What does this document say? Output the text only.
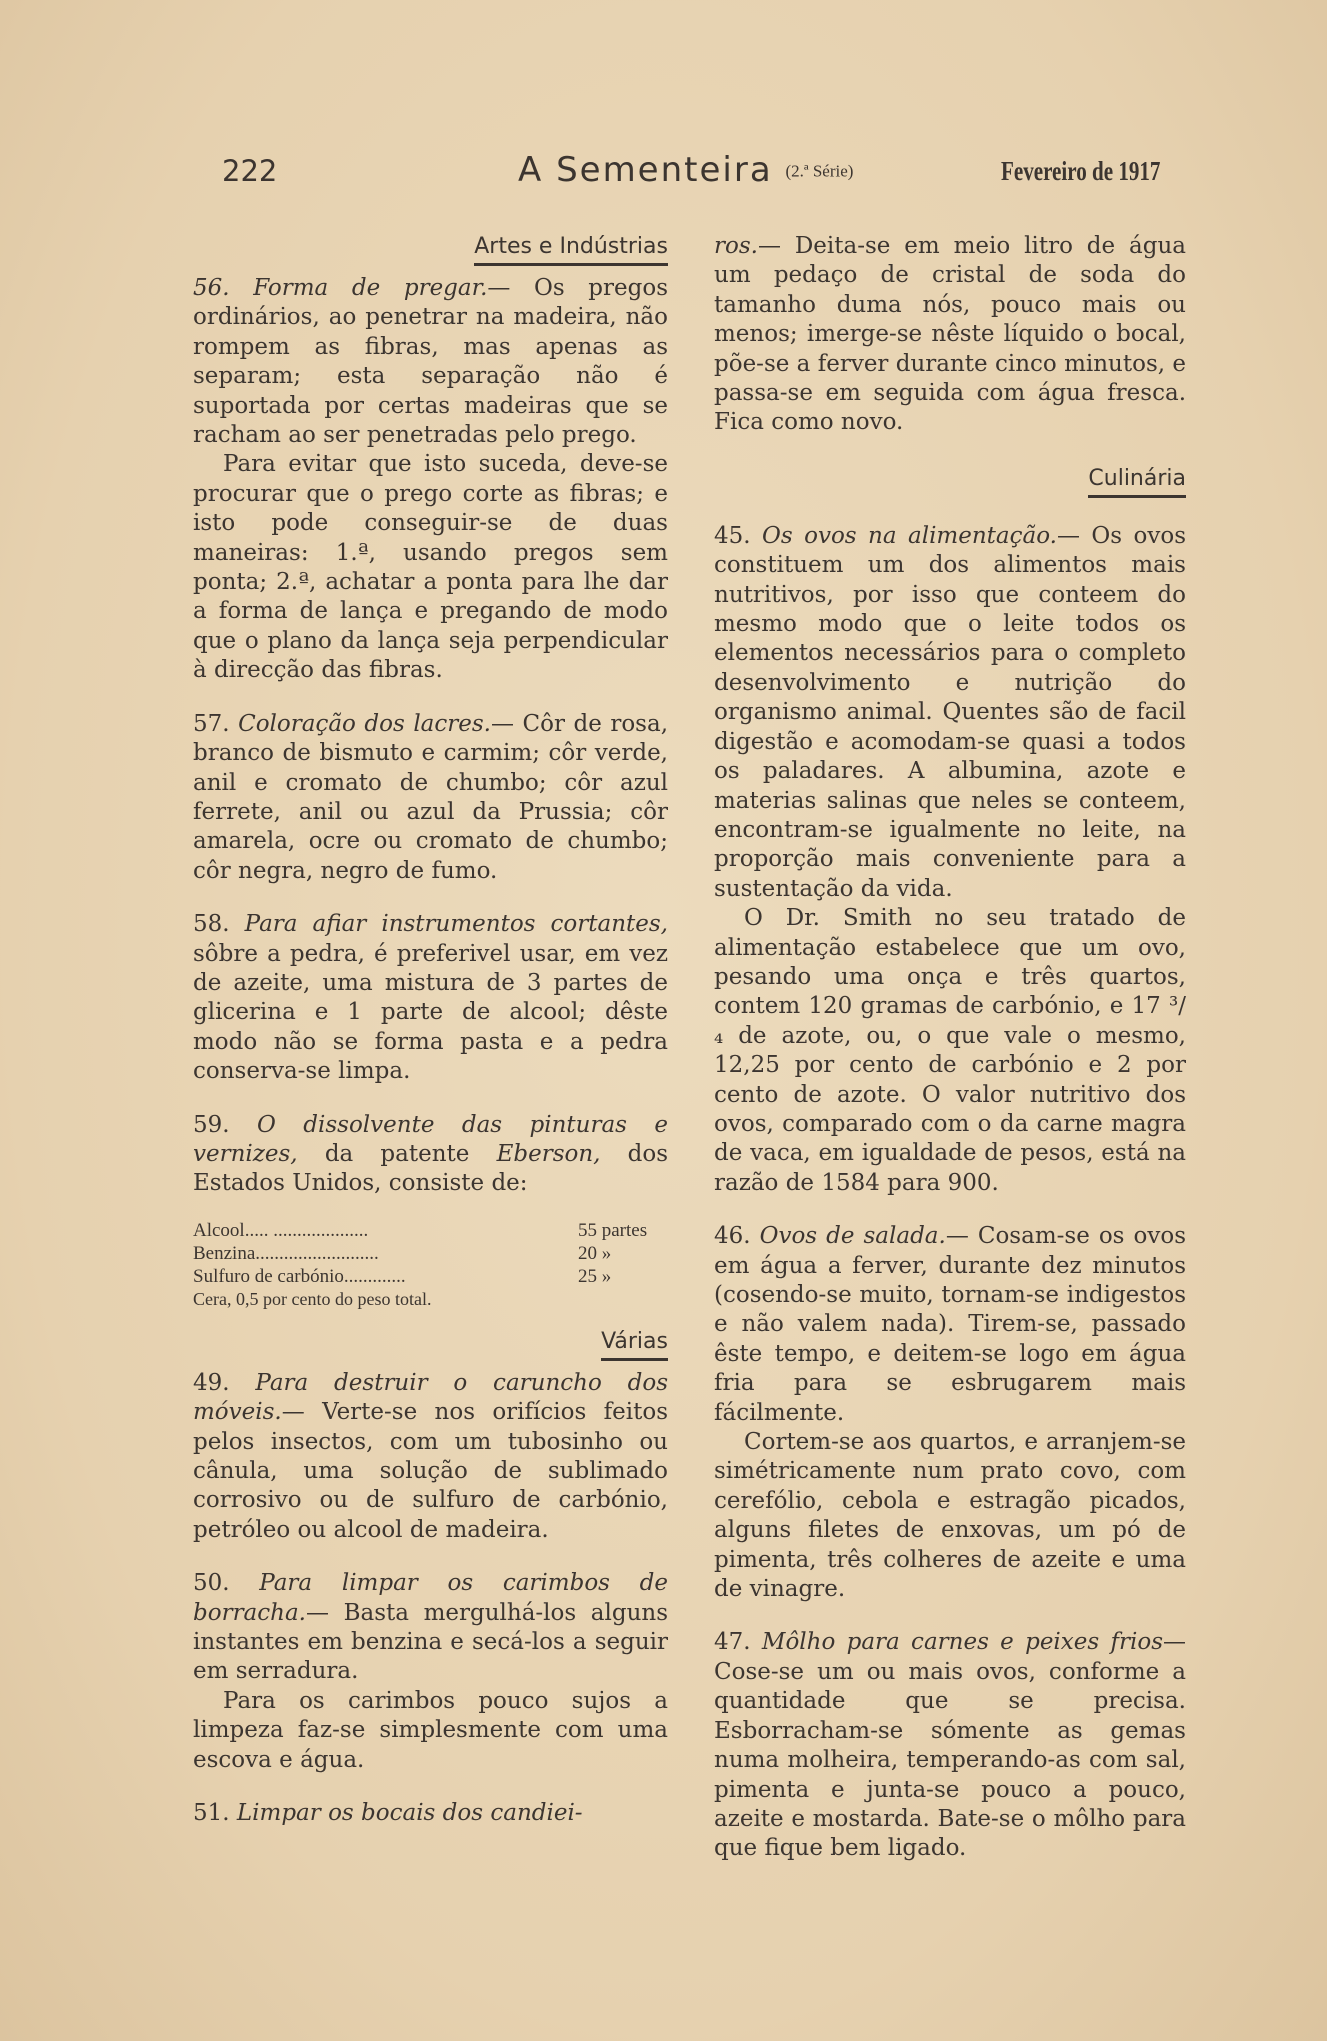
222	A Sementeira (2.ª Série)	Fevereiro de 1917
Artes e Indústrias

56. Forma de pregar.— Os pregos ordinários, ao penetrar na madeira, não rompem as fibras, mas apenas as separam; esta separação não é suportada por certas madeiras que se racham ao ser penetradas pelo prego.

Para evitar que isto suceda, deve-se procurar que o prego corte as fibras; e isto pode conseguir-se de duas maneiras: 1.ª, usando pregos sem ponta; 2.ª, achatar a ponta para lhe dar a forma de lança e pregando de modo que o plano da lança seja perpendicular à direcção das fibras.

57. Coloração dos lacres.— Côr de rosa, branco de bismuto e carmim; côr verde, anil e cromato de chumbo; côr azul ferrete, anil ou azul da Prussia; côr amarela, ocre ou cromato de chumbo; côr negra, negro de fumo.

58. Para afiar instrumentos cortantes, sôbre a pedra, é preferivel usar, em vez de azeite, uma mistura de 3 partes de glicerina e 1 parte de alcool; dêste modo não se forma pasta e a pedra conserva-se limpa.

59. O dissolvente das pinturas e vernizes, da patente Eberson, dos Estados Unidos, consiste de:

Alcool..... ....................	55 partes
Benzina..........................	20 »
Sulfuro de carbónio.............	25 »
Cera, 0,5 por cento do peso total.
Várias

49. Para destruir o caruncho dos móveis.— Verte-se nos orifícios feitos pelos insectos, com um tubosinho ou cânula, uma solução de sublimado corrosivo ou de sulfuro de carbónio, petróleo ou alcool de madeira.

50. Para limpar os carimbos de borracha.— Basta mergulhá-los alguns instantes em benzina e secá-los a seguir em serradura.

Para os carimbos pouco sujos a limpeza faz-se simplesmente com uma escova e água.

51. Limpar os bocais dos candiei-

ros.— Deita-se em meio litro de água um pedaço de cristal de soda do tamanho duma nós, pouco mais ou menos; imerge-se nêste líquido o bocal, põe-se a ferver durante cinco minutos, e passa-se em seguida com água fresca. Fica como novo.

Culinária

45. Os ovos na alimentação.— Os ovos constituem um dos alimentos mais nutritivos, por isso que conteem do mesmo modo que o leite todos os elementos necessários para o completo desenvolvimento e nutrição do organismo animal. Quentes são de facil digestão e acomodam-se quasi a todos os paladares. A albumina, azote e materias salinas que neles se conteem, encontram-se igualmente no leite, na proporção mais conveniente para a sustentação da vida.

O Dr. Smith no seu tratado de alimentação estabelece que um ovo, pesando uma onça e três quartos, contem 120 gramas de carbónio, e 17 ³/₄ de azote, ou, o que vale o mesmo, 12,25 por cento de carbónio e 2 por cento de azote. O valor nutritivo dos ovos, comparado com o da carne magra de vaca, em igualdade de pesos, está na razão de 1584 para 900.

46. Ovos de salada.— Cosam-se os ovos em água a ferver, durante dez minutos (cosendo-se muito, tornam-se indigestos e não valem nada). Tirem-se, passado êste tempo, e deitem-se logo em água fria para se esbrugarem mais fácilmente.

Cortem-se aos quartos, e arranjem-se simétricamente num prato covo, com cerefólio, cebola e estragão picados, alguns filetes de enxovas, um pó de pimenta, três colheres de azeite e uma de vinagre.

47. Môlho para carnes e peixes frios— Cose-se um ou mais ovos, conforme a quantidade que se precisa. Esborracham-se sómente as gemas numa molheira, temperando-as com sal, pimenta e junta-se pouco a pouco, azeite e mostarda. Bate-se o môlho para que fique bem ligado.
